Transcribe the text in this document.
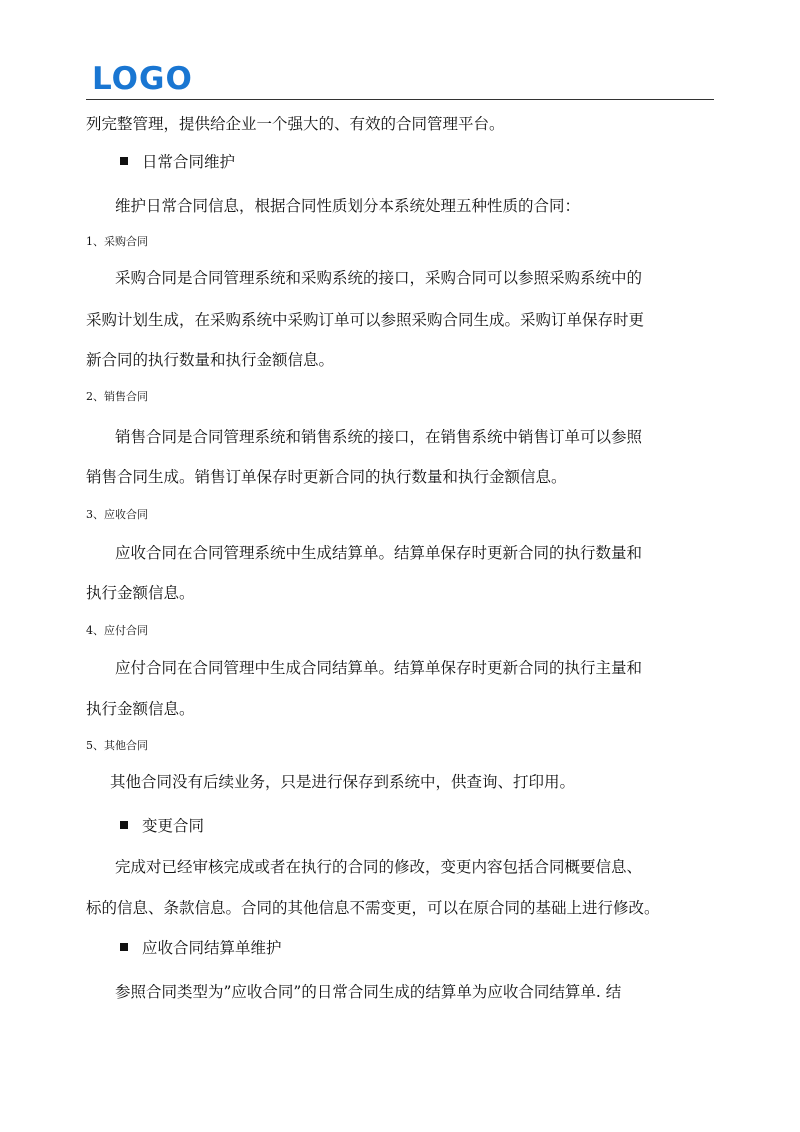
LOGO
列完整管理，提供给企业一个强大的、有效的合同管理平台。
日常合同维护
维护日常合同信息，根据合同性质划分本系统处理五种性质的合同：
1、采购合同
采购合同是合同管理系统和采购系统的接口，采购合同可以参照采购系统中的
采购计划生成，在采购系统中采购订单可以参照采购合同生成。采购订单保存时更
新合同的执行数量和执行金额信息。
2、销售合同
销售合同是合同管理系统和销售系统的接口，在销售系统中销售订单可以参照
销售合同生成。销售订单保存时更新合同的执行数量和执行金额信息。
3、应收合同
应收合同在合同管理系统中生成结算单。结算单保存时更新合同的执行数量和
执行金额信息。
4、应付合同
应付合同在合同管理中生成合同结算单。结算单保存时更新合同的执行主量和
执行金额信息。
5、其他合同
其他合同没有后续业务，只是进行保存到系统中，供查询、打印用。
变更合同
完成对已经审核完成或者在执行的合同的修改，变更内容包括合同概要信息、
标的信息、条款信息。合同的其他信息不需变更，可以在原合同的基础上进行修改。
应收合同结算单维护
参照合同类型为”应收合同”的日常合同生成的结算单为应收合同结算单. 结
